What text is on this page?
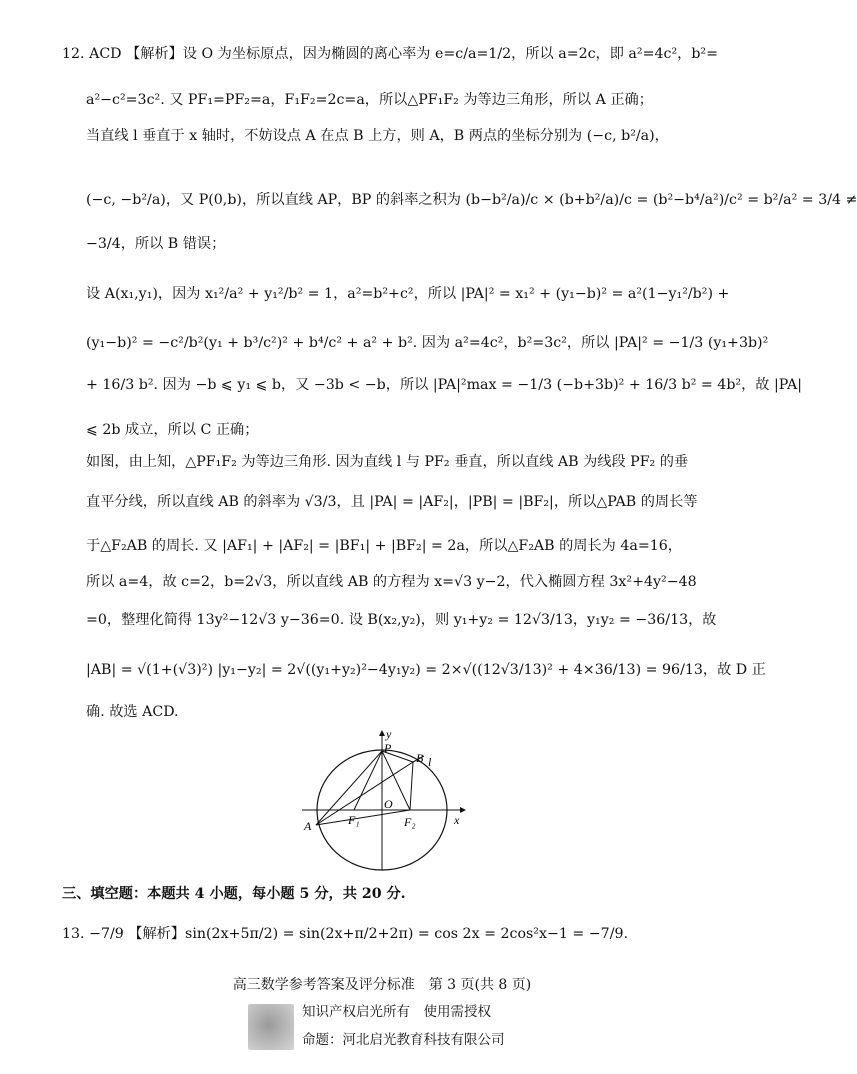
12. ACD 【解析】设 O 为坐标原点，因为椭圆的离心率为 e=c/a=1/2，所以 a=2c，即 a²=4c²，b²=
a²−c²=3c². 又 PF₁=PF₂=a，F₁F₂=2c=a，所以△PF₁F₂ 为等边三角形，所以 A 正确；
当直线 l 垂直于 x 轴时，不妨设点 A 在点 B 上方，则 A，B 两点的坐标分别为 (−c, b²/a)，
(−c, −b²/a)，又 P(0,b)，所以直线 AP，BP 的斜率之积为 (b−b²/a)/c × (b+b²/a)/c = (b²−b⁴/a²)/c² = b²/a² = 3/4 ≠
−3/4，所以 B 错误；
设 A(x₁,y₁)，因为 x₁²/a² + y₁²/b² = 1，a²=b²+c²，所以 |PA|² = x₁² + (y₁−b)² = a²(1−y₁²/b²) +
(y₁−b)² = −c²/b²(y₁ + b³/c²)² + b⁴/c² + a² + b². 因为 a²=4c²，b²=3c²，所以 |PA|² = −1/3 (y₁+3b)²
+ 16/3 b². 因为 −b ⩽ y₁ ⩽ b，又 −3b < −b，所以 |PA|²max = −1/3 (−b+3b)² + 16/3 b² = 4b²，故 |PA|
⩽ 2b 成立，所以 C 正确；
如图，由上知，△PF₁F₂ 为等边三角形. 因为直线 l 与 PF₂ 垂直，所以直线 AB 为线段 PF₂ 的垂
直平分线，所以直线 AB 的斜率为 √3/3，且 |PA| = |AF₂|，|PB| = |BF₂|，所以△PAB 的周长等
于△F₂AB 的周长. 又 |AF₁| + |AF₂| = |BF₁| + |BF₂| = 2a，所以△F₂AB 的周长为 4a=16，
所以 a=4，故 c=2，b=2√3，所以直线 AB 的方程为 x=√3 y−2，代入椭圆方程 3x²+4y²−48
=0，整理化简得 13y²−12√3 y−36=0. 设 B(x₂,y₂)，则 y₁+y₂ = 12√3/13，y₁y₂ = −36/13，故
|AB| = √(1+(√3)²) |y₁−y₂| = 2√((y₁+y₂)²−4y₁y₂) = 2×√((12√3/13)² + 4×36/13) = 96/13，故 D 正
确. 故选 ACD.
y
x
P
B l
O
A	F₁	F₂
三、填空题：本题共 4 小题，每小题 5 分，共 20 分.
13. −7/9 【解析】sin(2x+5π/2) = sin(2x+π/2+2π) = cos 2x = 2cos²x−1 = −7/9.
高三数学参考答案及评分标准　第 3 页(共 8 页)
知识产权启光所有　使用需授权
命题：河北启光教育科技有限公司
